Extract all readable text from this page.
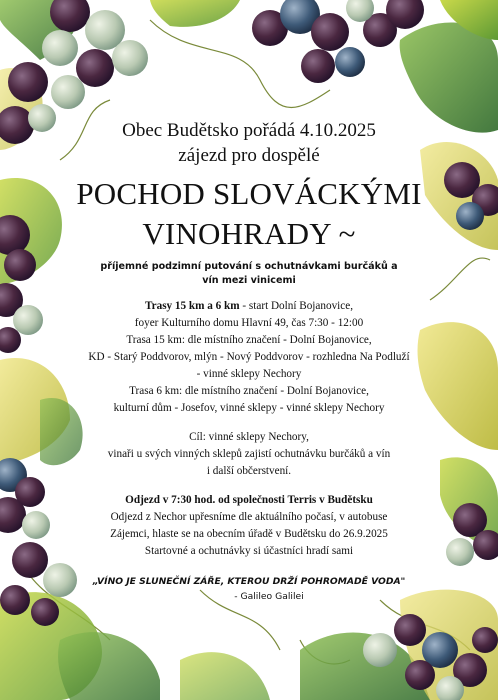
Obec Budětsko pořádá 4.10.2025
zájezd pro dospělé
POCHOD SLOVÁCKÝMI
VINOHRADY ~
příjemné podzimní putování s ochutnávkami burčáků a vín mezi vinicemi

Trasy 15 km a 6 km - start Dolní Bojanovice,

foyer Kulturního domu Hlavní 49, čas 7:30 - 12:00

Trasa 15 km: dle místního značení - Dolní Bojanovice,

KD - Starý Poddvorov, mlýn - Nový Poddvorov - rozhledna Na Podluží

- vinné sklepy Nechory

Trasa 6 km: dle místního značení - Dolní Bojanovice,

kulturní dům - Josefov, vinné sklepy - vinné sklepy Nechory

Cíl: vinné sklepy Nechory,

vinaři u svých vinných sklepů zajistí ochutnávku burčáků a vín

i další občerstvení.

Odjezd v 7:30 hod. od společnosti Terris v Budětsku

Odjezd z Nechor upřesníme dle aktuálního počasí, v autobuse

Zájemci, hlaste se na obecním úřadě v Budětsku do 26.9.2025

Startovné a ochutnávky si účastníci hradí sami

„VÍNO JE SLUNEČNÍ ZÁŘE, KTEROU DRŽÍ POHROMADĚ VODA"
- Galileo Galilei
